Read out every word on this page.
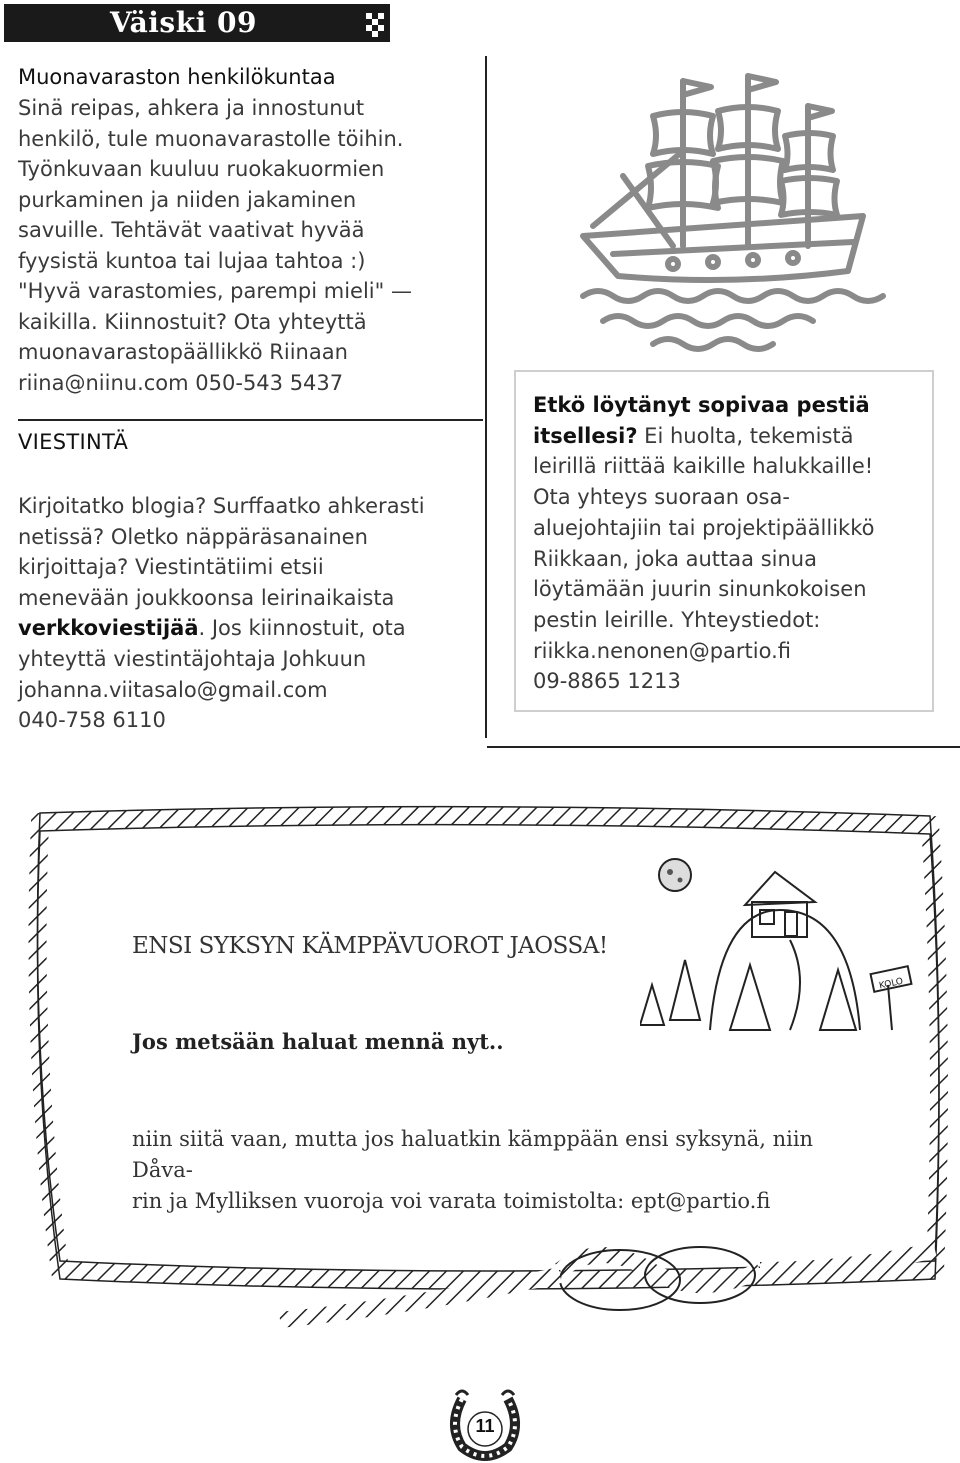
Väiski 09

Muonavaraston henkilökuntaa

Sinä reipas, ahkera ja innostunut

henkilö, tule muonavarastolle töihin.

Työnkuvaan kuuluu ruokakuormien

purkaminen ja niiden jakaminen

savuille. Tehtävät vaativat hyvää

fyysistä kuntoa tai lujaa tahtoa :)

"Hyvä varastomies, parempi mieli" —

kaikilla. Kiinnostuit? Ota yhteyttä

muonavarastopäällikkö Riinaan

riina@niinu.com 050-543 5437

VIESTINTÄ
Kirjoitatko blogia? Surffaatko ahkerasti
netissä? Oletko näppäräsanainen
kirjoittaja? Viestintätiimi etsii
menevään joukkoonsa leirinaikaista
verkkoviestijää. Jos kiinnostuit, ota
yhteyttä viestintäjohtaja Johkuun
johanna.viitasalo@gmail.com
040-758 6110
Etkö löytänyt sopivaa pestiä
itsellesi? Ei huolta, tekemistä
leirillä riittää kaikille halukkaille!
Ota yhteys suoraan osa-
aluejohtajiin tai projektipäällikkö
Riikkaan, joka auttaa sinua
löytämään juurin sinunkokoisen
pestin leirille. Yhteystiedot:
riikka.nenonen@partio.fi
09-8865 1213
ENSI SYKSYN KÄMPPÄVUOROT JAOSSA!
Jos metsään haluat mennä nyt..
niin siitä vaan, mutta jos haluatkin kämppään ensi syksynä, niin Dåva-
rin ja Mylliksen vuoroja voi varata toimistolta: ept@partio.fi
KOLO
11
